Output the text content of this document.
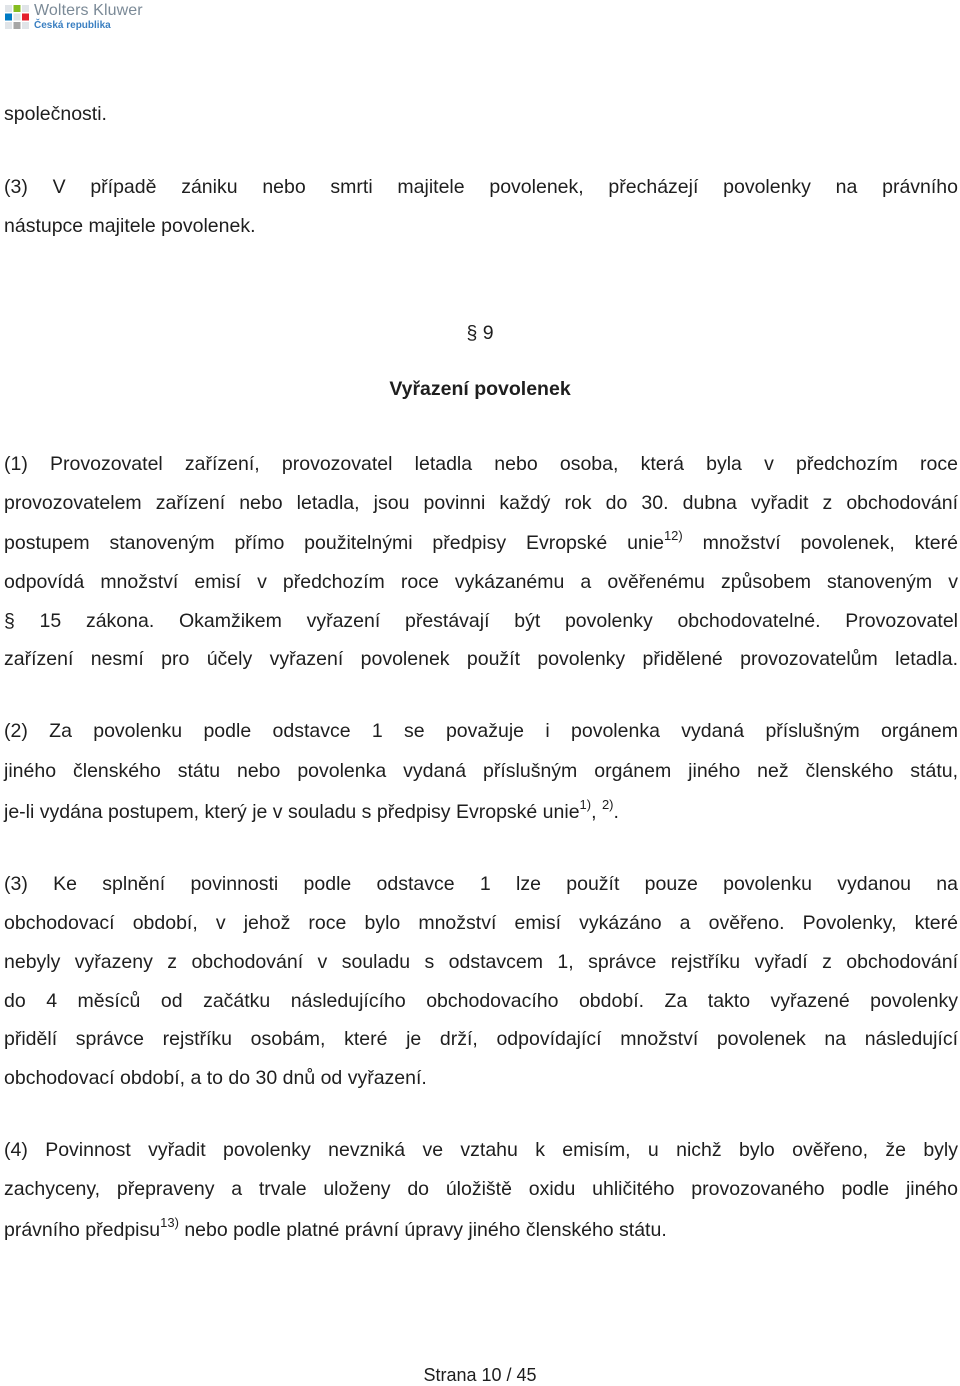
Wolters Kluwer
Česká republika
společnosti.
(3) V případě zániku nebo smrti majitele povolenek, přecházejí povolenky na právního
nástupce majitele povolenek.
§ 9
Vyřazení povolenek
(1) Provozovatel zařízení, provozovatel letadla nebo osoba, která byla v předchozím roce
provozovatelem zařízení nebo letadla, jsou povinni každý rok do 30. dubna vyřadit z obchodování
postupem stanoveným přímo použitelnými předpisy Evropské unie$^{12)}$ množství povolenek, které
odpovídá množství emisí v předchozím roce vykázanému a ověřenému způsobem stanoveným v
§ 15 zákona. Okamžikem vyřazení přestávají být povolenky obchodovatelné. Provozovatel
zařízení nesmí pro účely vyřazení povolenek použít povolenky přidělené provozovatelům letadla.
(2) Za povolenku podle odstavce 1 se považuje i povolenka vydaná příslušným orgánem
jiného členského státu nebo povolenka vydaná příslušným orgánem jiného než členského státu,
je-li vydána postupem, který je v souladu s předpisy Evropské unie$^{1)}$, $^{2)}$.
(3) Ke splnění povinnosti podle odstavce 1 lze použít pouze povolenku vydanou na
obchodovací období, v jehož roce bylo množství emisí vykázáno a ověřeno. Povolenky, které
nebyly vyřazeny z obchodování v souladu s odstavcem 1, správce rejstříku vyřadí z obchodování
do 4 měsíců od začátku následujícího obchodovacího období. Za takto vyřazené povolenky
přidělí správce rejstříku osobám, které je drží, odpovídající množství povolenek na následující
obchodovací období, a to do 30 dnů od vyřazení.
(4) Povinnost vyřadit povolenky nevzniká ve vztahu k emisím, u nichž bylo ověřeno, že byly
zachyceny, přepraveny a trvale uloženy do úložiště oxidu uhličitého provozovaného podle jiného
právního předpisu$^{13)}$ nebo podle platné právní úpravy jiného členského státu.
Strana 10 / 45
